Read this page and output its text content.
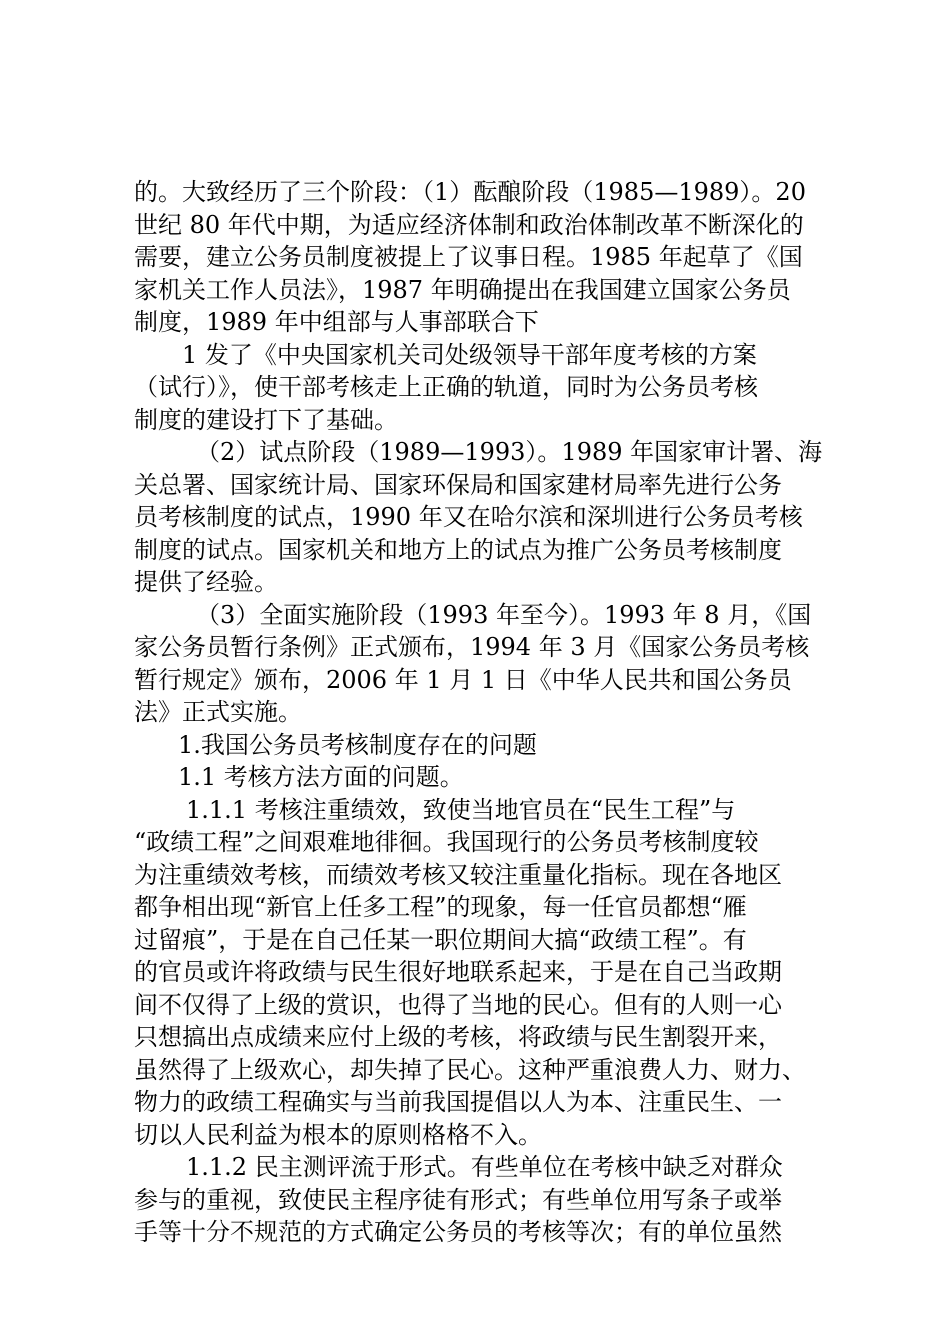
的。大致经历了三个阶段：（1）酝酿阶段（1985—1989）。20
世纪 80 年代中期，为适应经济体制和政治体制改革不断深化的
需要，建立公务员制度被提上了议事日程。1985 年起草了《国
家机关工作人员法》，1987 年明确提出在我国建立国家公务员
制度，1989 年中组部与人事部联合下
1 发了《中央国家机关司处级领导干部年度考核的方案
（试行）》，使干部考核走上正确的轨道，同时为公务员考核
制度的建设打下了基础。
（2）试点阶段（1989—1993）。1989 年国家审计署、海
关总署、国家统计局、国家环保局和国家建材局率先进行公务
员考核制度的试点，1990 年又在哈尔滨和深圳进行公务员考核
制度的试点。国家机关和地方上的试点为推广公务员考核制度
提供了经验。
（3）全面实施阶段（1993 年至今）。1993 年 8 月，《国
家公务员暂行条例》正式颁布，1994 年 3 月《国家公务员考核
暂行规定》颁布，2006 年 1 月 1 日《中华人民共和国公务员
法》正式实施。
1.我国公务员考核制度存在的问题
1.1 考核方法方面的问题。
1.1.1 考核注重绩效，致使当地官员在“民生工程”与
“政绩工程”之间艰难地徘徊。我国现行的公务员考核制度较
为注重绩效考核，而绩效考核又较注重量化指标。现在各地区
都争相出现“新官上任多工程”的现象，每一任官员都想“雁
过留痕”，于是在自己任某一职位期间大搞“政绩工程”。有
的官员或许将政绩与民生很好地联系起来，于是在自己当政期
间不仅得了上级的赏识，也得了当地的民心。但有的人则一心
只想搞出点成绩来应付上级的考核，将政绩与民生割裂开来，
虽然得了上级欢心，却失掉了民心。这种严重浪费人力、财力、
物力的政绩工程确实与当前我国提倡以人为本、注重民生、一
切以人民利益为根本的原则格格不入。
1.1.2 民主测评流于形式。有些单位在考核中缺乏对群众
参与的重视，致使民主程序徒有形式；有些单位用写条子或举
手等十分不规范的方式确定公务员的考核等次；有的单位虽然
